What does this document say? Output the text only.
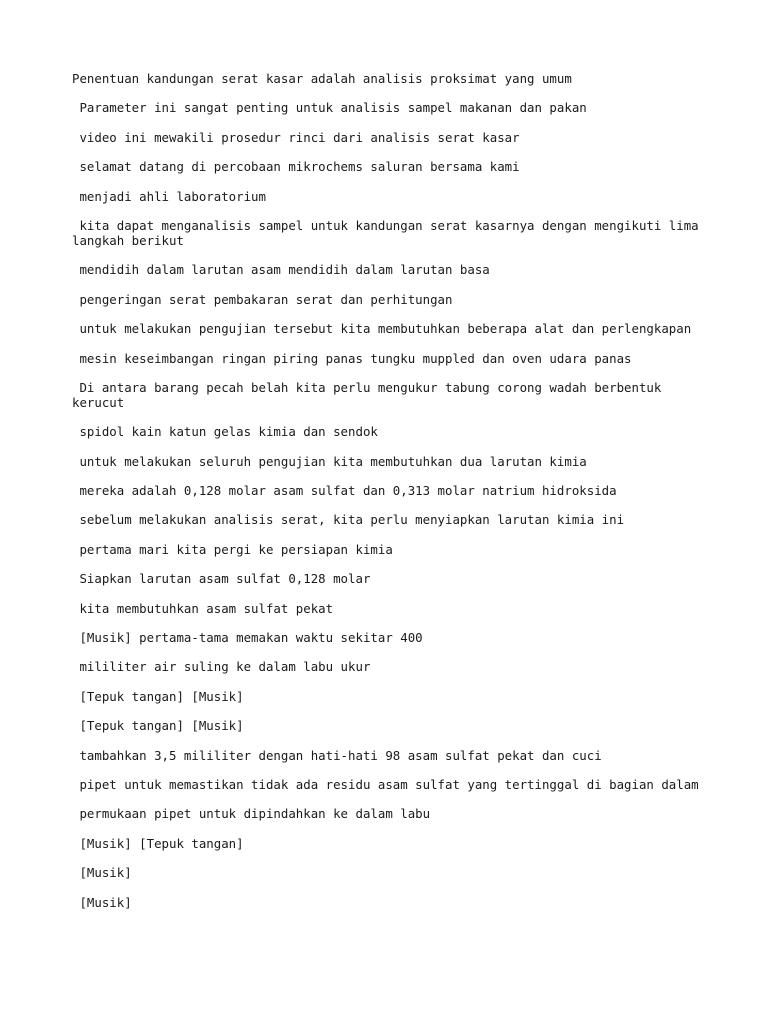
Penentuan kandungan serat kasar adalah analisis proksimat yang umum

Parameter ini sangat penting untuk analisis sampel makanan dan pakan

video ini mewakili prosedur rinci dari analisis serat kasar

selamat datang di percobaan mikrochems saluran bersama kami

menjadi ahli laboratorium

kita dapat menganalisis sampel untuk kandungan serat kasarnya dengan mengikuti lima langkah berikut

mendidih dalam larutan asam mendidih dalam larutan basa

pengeringan serat pembakaran serat dan perhitungan

untuk melakukan pengujian tersebut kita membutuhkan beberapa alat dan perlengkapan

mesin keseimbangan ringan piring panas tungku muppled dan oven udara panas

Di antara barang pecah belah kita perlu mengukur tabung corong wadah berbentuk kerucut

spidol kain katun gelas kimia dan sendok

untuk melakukan seluruh pengujian kita membutuhkan dua larutan kimia

mereka adalah 0,128 molar asam sulfat dan 0,313 molar natrium hidroksida

sebelum melakukan analisis serat, kita perlu menyiapkan larutan kimia ini

pertama mari kita pergi ke persiapan kimia

Siapkan larutan asam sulfat 0,128 molar

kita membutuhkan asam sulfat pekat

[Musik] pertama-tama memakan waktu sekitar 400

mililiter air suling ke dalam labu ukur

[Tepuk tangan] [Musik]

[Tepuk tangan] [Musik]

tambahkan 3,5 mililiter dengan hati-hati 98 asam sulfat pekat dan cuci

pipet untuk memastikan tidak ada residu asam sulfat yang tertinggal di bagian dalam

permukaan pipet untuk dipindahkan ke dalam labu

[Musik] [Tepuk tangan]

[Musik]

[Musik]
